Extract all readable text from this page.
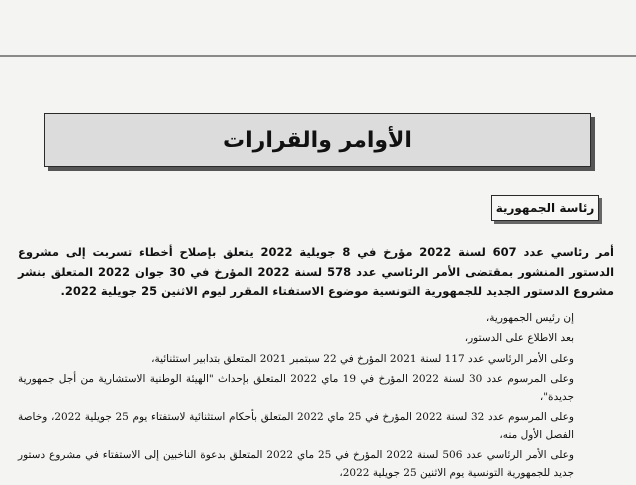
الأوامر والقرارات
رئاسة الجمهورية

أمر رئاسي عدد 607 لسنة 2022 مؤرخ في 8 جويلية 2022 يتعلق بإصلاح أخطاء تسربت إلى مشروع الدستور المنشور بمقتضى الأمر الرئاسي عدد 578 لسنة 2022 المؤرخ في 30 جوان 2022 المتعلق بنشر مشروع الدستور الجديد للجمهورية التونسية موضوع الاستفتاء المقرر ليوم الاثنين 25 جويلية 2022.

إن رئيس الجمهورية،

بعد الاطلاع على الدستور،

وعلى الأمر الرئاسي عدد 117 لسنة 2021 المؤرخ في 22 سبتمبر 2021 المتعلق بتدابير استثنائية،

وعلى المرسوم عدد 30 لسنة 2022 المؤرخ في 19 ماي 2022 المتعلق بإحداث "الهيئة الوطنية الاستشارية من أجل جمهورية جديدة"،

وعلى المرسوم عدد 32 لسنة 2022 المؤرخ في 25 ماي 2022 المتعلق بأحكام استثنائية لاستفتاء يوم 25 جويلية 2022، وخاصة الفصل الأول منه،

وعلى الأمر الرئاسي عدد 506 لسنة 2022 المؤرخ في 25 ماي 2022 المتعلق بدعوة الناخبين إلى الاستفتاء في مشروع دستور جديد للجمهورية التونسية يوم الاثنين 25 جويلية 2022،
